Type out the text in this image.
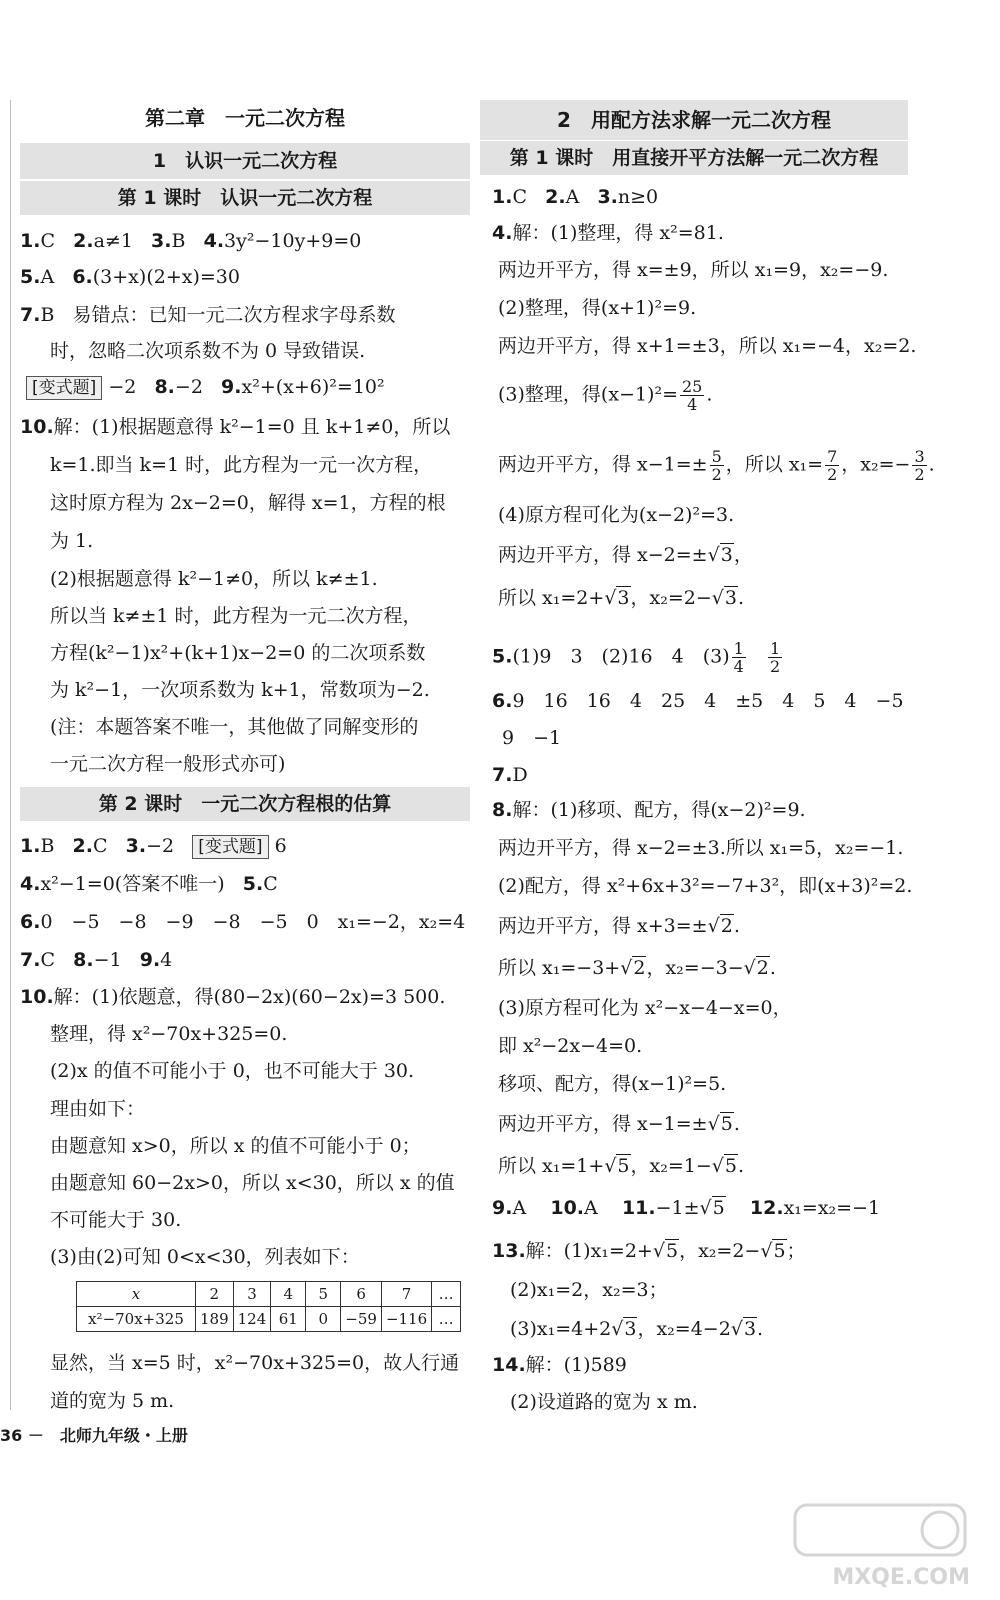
第二章　一元二次方程
1　认识一元二次方程
第 1 课时　认识一元二次方程
1.C 2.a≠1 3.B 4.3y²−10y+9=0
5.A 6.(3+x)(2+x)=30
7.B 易错点：已知一元二次方程求字母系数
时，忽略二次项系数不为 0 导致错误.
[变式题] −2 8.−2 9.x²+(x+6)²=10²
10.解：(1)根据题意得 k²−1=0 且 k+1≠0，所以
k=1.即当 k=1 时，此方程为一元一次方程，
这时原方程为 2x−2=0，解得 x=1，方程的根
为 1.
(2)根据题意得 k²−1≠0，所以 k≠±1.
所以当 k≠±1 时，此方程为一元二次方程，
方程(k²−1)x²+(k+1)x−2=0 的二次项系数
为 k²−1，一次项系数为 k+1，常数项为−2.
(注：本题答案不唯一，其他做了同解变形的
一元二次方程一般形式亦可)
第 2 课时　一元二次方程根的估算
1.B 2.C 3.−2 [变式题] 6
4.x²−1=0(答案不唯一) 5.C
6.0　−5　−8　−9　−8　−5　0　x₁=−2，x₂=4
7.C 8.−1 9.4
10.解：(1)依题意，得(80−2x)(60−2x)=3 500.
整理，得 x²−70x+325=0.
(2)x 的值不可能小于 0，也不可能大于 30.
理由如下：
由题意知 x>0，所以 x 的值不可能小于 0；
由题意知 60−2x>0，所以 x<30，所以 x 的值
不可能大于 30.
(3)由(2)可知 0<x<30，列表如下：
x	2	3	4	5	6	7	…
x²−70x+325	189	124	61	0	−59	−116	…
显然，当 x=5 时，x²−70x+325=0，故人行通
道的宽为 5 m.
2　用配方法求解一元二次方程
第 1 课时　用直接开平方法解一元二次方程
1.C 2.A 3.n≥0
4.解：(1)整理，得 x²=81.
两边开平方，得 x=±9，所以 x₁=9，x₂=−9.
(2)整理，得(x+1)²=9.
两边开平方，得 x+1=±3，所以 x₁=−4，x₂=2.
(3)整理，得$(x-1)^2= \frac{25}{4}$ .
两边开平方，得 $x-1=\pm \frac{5}{2}$ ，所以 $x_1= \frac{7}{2}$ ，$x_2=- \frac{3}{2}$ .
(4)原方程可化为(x−2)²=3.
两边开平方，得 x−2=±√3，
所以 x₁=2+√3，x₂=2−√3.
5.(1)9　3　(2)16　4　$(3) \frac{1}{4}$
$\frac{1}{2}$
6.9　16　16　4　25　4　±5　4　5　4　−5
9　−1
7.D
8.解：(1)移项、配方，得(x−2)²=9.
两边开平方，得 x−2=±3.所以 x₁=5，x₂=−1.
(2)配方，得 x²+6x+3²=−7+3²，即(x+3)²=2.
两边开平方，得 x+3=±√2.
所以 x₁=−3+√2，x₂=−3−√2.
(3)原方程可化为 x²−x−4−x=0，
即 x²−2x−4=0.
移项、配方，得(x−1)²=5.
两边开平方，得 x−1=±√5.
所以 x₁=1+√5，x₂=1−√5.
9.A 10.A 11.−1±√5 12.x₁=x₂=−1
13.解：(1)x₁=2+√5，x₂=2−√5；
(2)x₁=2，x₂=3；
(3)x₁=4+2√3，x₂=4−2√3.
14.解：(1)589
(2)设道路的宽为 x m.
36 －　北师九年级・上册
MXQE.COM
